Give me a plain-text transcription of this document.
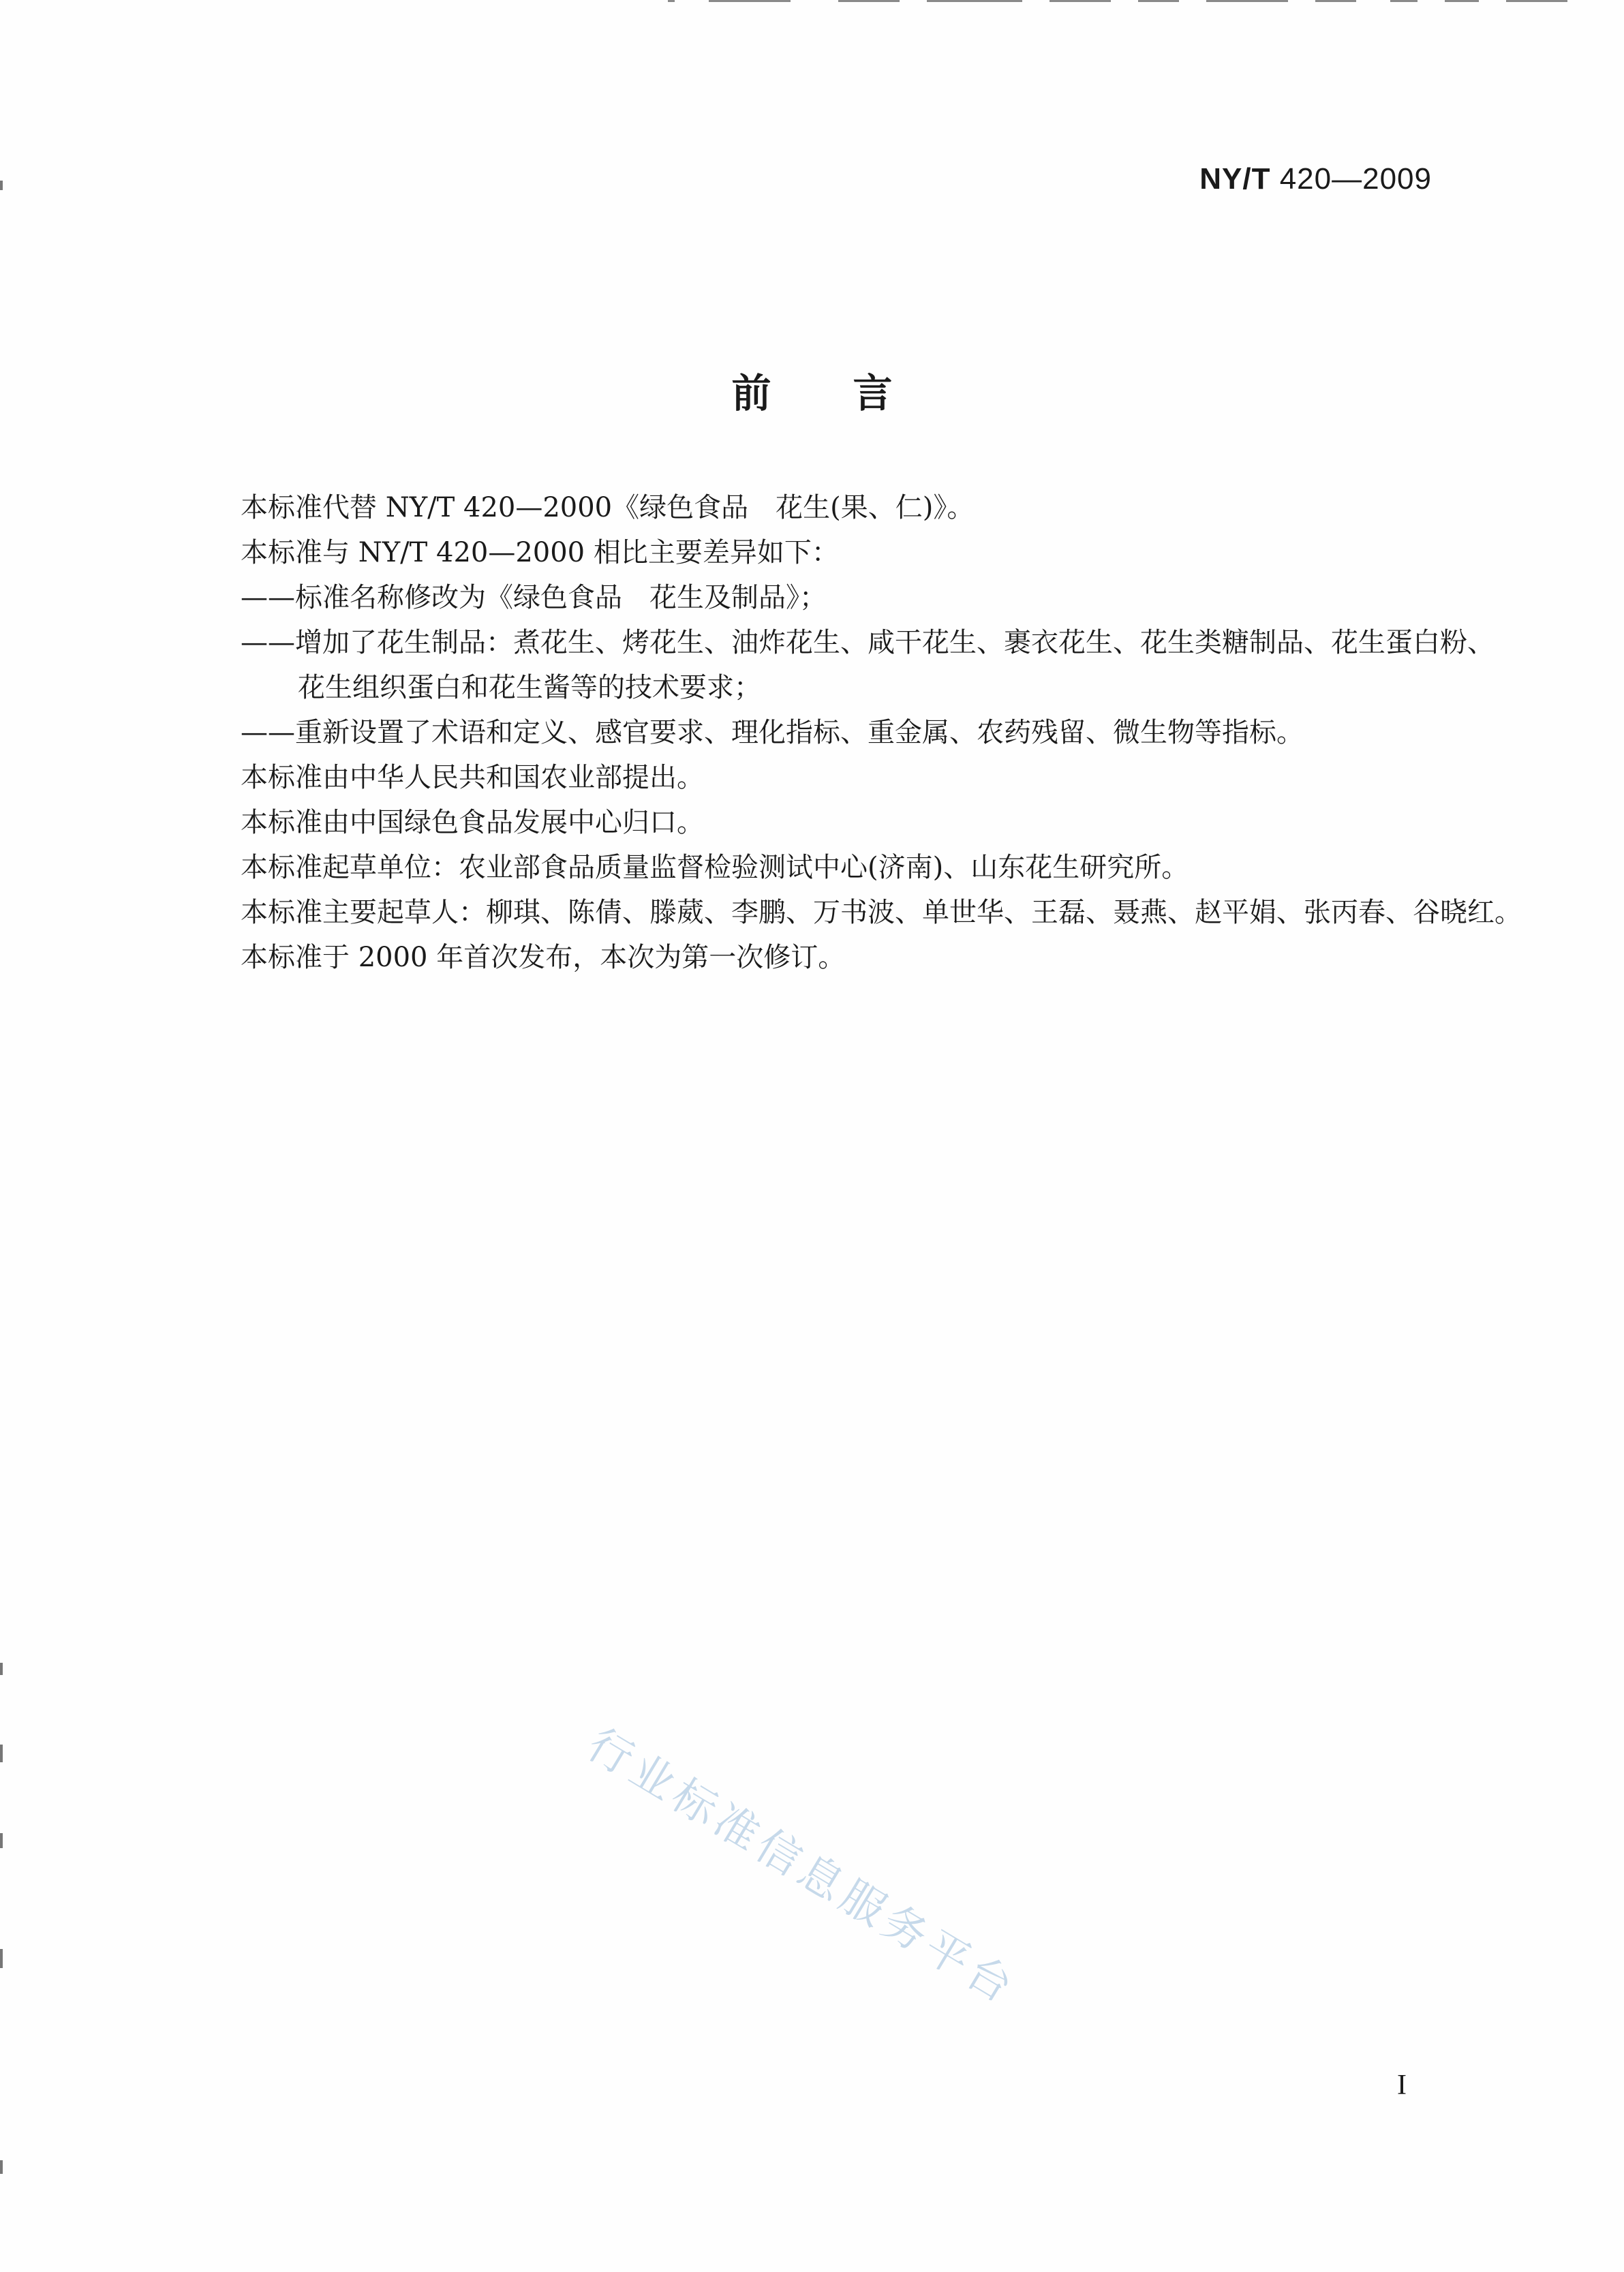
NY/T 420—2009
前言

本标准代替 NY/T 420—2000《绿色食品　花生(果、仁)》。

本标准与 NY/T 420—2000 相比主要差异如下：

——标准名称修改为《绿色食品　花生及制品》；

——增加了花生制品：煮花生、烤花生、油炸花生、咸干花生、裹衣花生、花生类糖制品、花生蛋白粉、

花生组织蛋白和花生酱等的技术要求；

——重新设置了术语和定义、感官要求、理化指标、重金属、农药残留、微生物等指标。

本标准由中华人民共和国农业部提出。

本标准由中国绿色食品发展中心归口。

本标准起草单位：农业部食品质量监督检验测试中心(济南)、山东花生研究所。

本标准主要起草人：柳琪、陈倩、滕葳、李鹏、万书波、单世华、王磊、聂燕、赵平娟、张丙春、谷晓红。

本标准于 2000 年首次发布，本次为第一次修订。

行业标准信息服务平台
I
